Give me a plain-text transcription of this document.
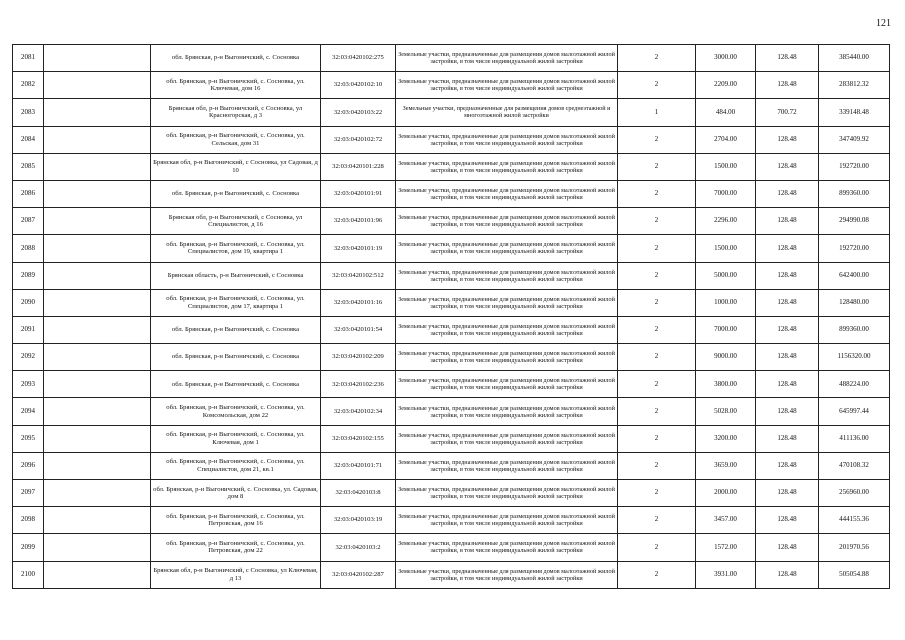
121
2081		обл. Брянская, р-н Выгоничский, с. Сосновка	32:03:0420102:275	Земельные участки, предназначенные для размещения домов малоэтажной жилой застройки, в том числе индивидуальной жилой застройки	2	3000.00	128.48	385440.00
2082		обл. Брянская, р-н Выгоничский, с. Сосновка, ул. Ключевая, дом 16	32:03:0420102:10	Земельные участки, предназначенные для размещения домов малоэтажной жилой застройки, в том числе индивидуальной жилой застройки	2	2209.00	128.48	283812.32
2083		Брянская обл, р-н Выгоничский, с Сосновка, ул Красногорская, д 3	32:03:0420103:22	Земельные участки, предназначенные для размещения домов среднеэтажной и многоэтажной жилой застройки	1	484.00	700.72	339148.48
2084		обл. Брянская, р-н Выгоничский, с. Сосновка, ул. Сельская, дом 31	32:03:0420102:72	Земельные участки, предназначенные для размещения домов малоэтажной жилой застройки, в том числе индивидуальной жилой застройки	2	2704.00	128.48	347409.92
2085		Брянская обл, р-н Выгоничский, с Сосновка, ул Садовая, д 10	32:03:0420101:228	Земельные участки, предназначенные для размещения домов малоэтажной жилой застройки, в том числе индивидуальной жилой застройки	2	1500.00	128.48	192720.00
2086		обл. Брянская, р-н Выгоничский, с. Сосновка	32:03:0420101:91	Земельные участки, предназначенные для размещения домов малоэтажной жилой застройки, в том числе индивидуальной жилой застройки	2	7000.00	128.48	899360.00
2087		Брянская обл, р-н Выгоничский, с Сосновка, ул Специалистов, д 16	32:03:0420101:96	Земельные участки, предназначенные для размещения домов малоэтажной жилой застройки, в том числе индивидуальной жилой застройки	2	2296.00	128.48	294990.08
2088		обл. Брянская, р-н Выгоничский, с. Сосновка, ул. Специалистов, дом 19, квартира 1	32:03:0420101:19	Земельные участки, предназначенные для размещения домов малоэтажной жилой застройки, в том числе индивидуальной жилой застройки	2	1500.00	128.48	192720.00
2089		Брянская область, р-н Выгоничский, с Сосновка	32:03:0420102:512	Земельные участки, предназначенные для размещения домов малоэтажной жилой застройки, в том числе индивидуальной жилой застройки	2	5000.00	128.48	642400.00
2090		обл. Брянская, р-н Выгоничский, с. Сосновка, ул. Специалистов, дом 17, квартира 1	32:03:0420101:16	Земельные участки, предназначенные для размещения домов малоэтажной жилой застройки, в том числе индивидуальной жилой застройки	2	1000.00	128.48	128480.00
2091		обл. Брянская, р-н Выгоничский, с. Сосновка	32:03:0420101:54	Земельные участки, предназначенные для размещения домов малоэтажной жилой застройки, в том числе индивидуальной жилой застройки	2	7000.00	128.48	899360.00
2092		обл. Брянская, р-н Выгоничский, с. Сосновка	32:03:0420102:209	Земельные участки, предназначенные для размещения домов малоэтажной жилой застройки, в том числе индивидуальной жилой застройки	2	9000.00	128.48	1156320.00
2093		обл. Брянская, р-н Выгоничский, с. Сосновка	32:03:0420102:236	Земельные участки, предназначенные для размещения домов малоэтажной жилой застройки, в том числе индивидуальной жилой застройки	2	3800.00	128.48	488224.00
2094		обл. Брянская, р-н Выгоничский, с. Сосновка, ул. Комсомольская, дом 22	32:03:0420102:34	Земельные участки, предназначенные для размещения домов малоэтажной жилой застройки, в том числе индивидуальной жилой застройки	2	5028.00	128.48	645997.44
2095		обл. Брянская, р-н Выгоничский, с. Сосновка, ул. Ключевая, дом 1	32:03:0420102:155	Земельные участки, предназначенные для размещения домов малоэтажной жилой застройки, в том числе индивидуальной жилой застройки	2	3200.00	128.48	411136.00
2096		обл. Брянская, р-н Выгоничский, с. Сосновка, ул. Специалистов, дом 21, кв.1	32:03:0420101:71	Земельные участки, предназначенные для размещения домов малоэтажной жилой застройки, в том числе индивидуальной жилой застройки	2	3659.00	128.48	470108.32
2097		обл. Брянская, р-н Выгоничский, с. Сосновка, ул. Садовая, дом 8	32:03:0420103:8	Земельные участки, предназначенные для размещения домов малоэтажной жилой застройки, в том числе индивидуальной жилой застройки	2	2000.00	128.48	256960.00
2098		обл. Брянская, р-н Выгоничский, с. Сосновка, ул. Петровская, дом 16	32:03:0420103:19	Земельные участки, предназначенные для размещения домов малоэтажной жилой застройки, в том числе индивидуальной жилой застройки	2	3457.00	128.48	444155.36
2099		обл. Брянская, р-н Выгоничский, с. Сосновка, ул. Петровская, дом 22	32:03:0420103:2	Земельные участки, предназначенные для размещения домов малоэтажной жилой застройки, в том числе индивидуальной жилой застройки	2	1572.00	128.48	201970.56
2100		Брянская обл, р-н Выгоничский, с Сосновка, ул Ключевая, д 13	32:03:0420102:287	Земельные участки, предназначенные для размещения домов малоэтажной жилой застройки, в том числе индивидуальной жилой застройки	2	3931.00	128.48	505054.88
